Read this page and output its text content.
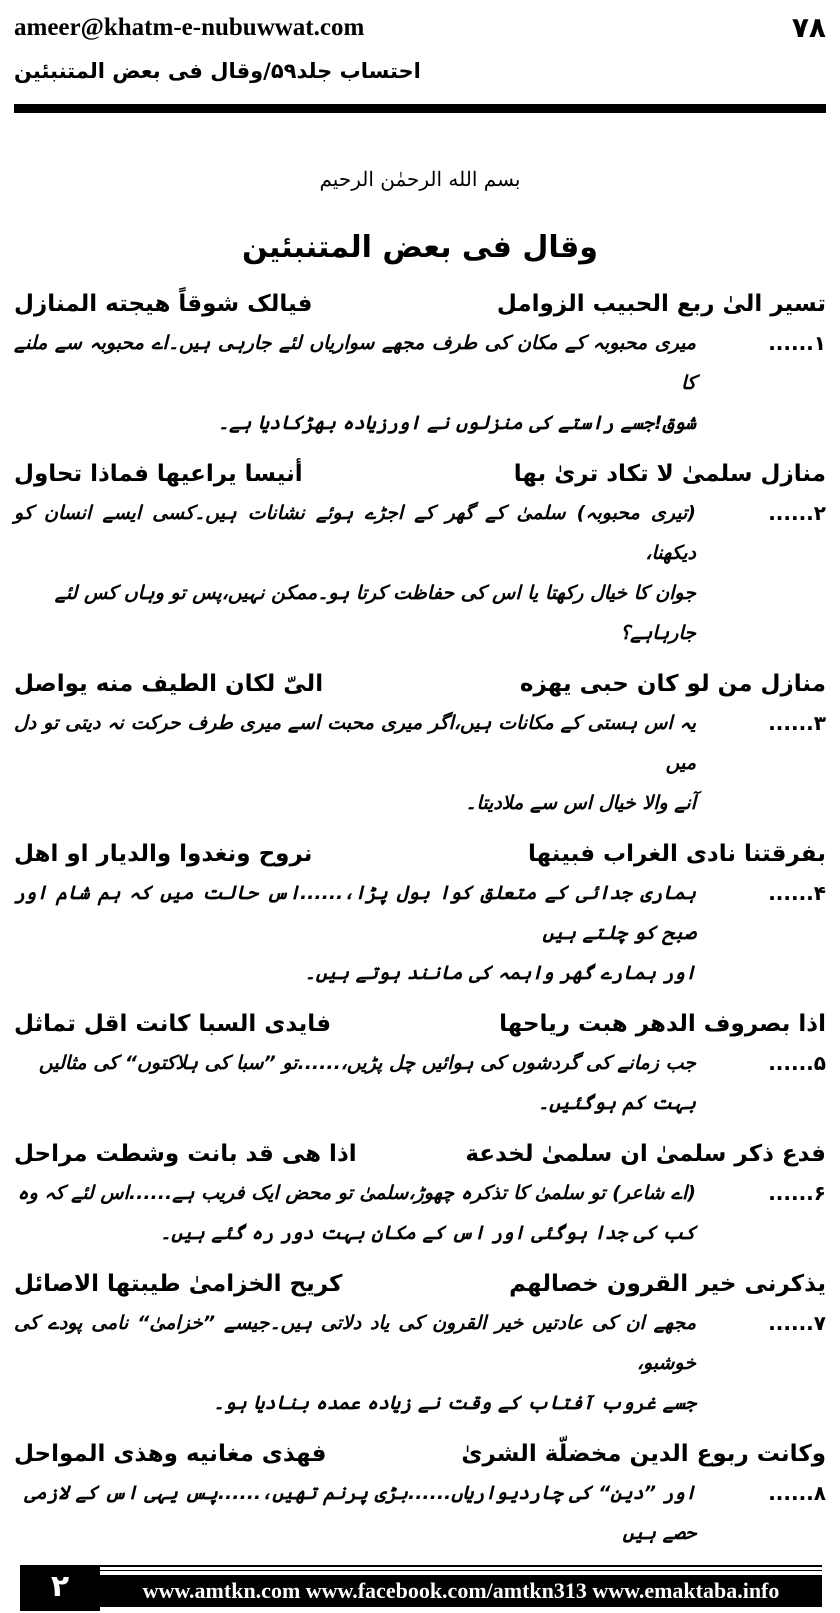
ameer@khatm-e-nubuwwat.com	۷۸
احتساب جلد۵۹/وقال فی بعض المتنبئین
بسم الله الرحمٰن الرحیم
وقال فی بعض المتنبئین
تسیر الیٰ ربع الحبیب الزوامل
فیالک شوقاً هیجته المنازل
۱......
میری محبوبہ کے مکان کی طرف مجھے سواریاں لئے جارہی ہیں۔اے محبوبہ سے ملنے کا
شوق!جسے راستے کی منزلوں نے اورزیادہ بھڑکادیا ہے۔
منازل سلمیٰ لا تکاد تریٰ بها
أنیسا یراعیها فماذا تحاول
۲......
(تیری محبوبہ) سلمیٰ کے گھر کے اجڑے ہوئے نشانات ہیں۔کسی ایسے انسان کو دیکھنا،
جوان کا خیال رکھتا یا اس کی حفاظت کرتا ہو۔ممکن نہیں،پس تو وہاں کس لئے جارہاہے؟
منازل من لو کان حبی یهزه
الیّ لکان الطیف منه یواصل
۳......
یہ اس ہستی کے مکانات ہیں،اگر میری محبت اسے میری طرف حرکت نہ دیتی تو دل میں
آنے والا خیال اس سے ملادیتا۔
بفرقتنا نادی الغراب فبینها
نروح ونغدوا والدیار او اهل
۴......
ہماری جدائی کے متعلق کوا بول پڑا،......اس حالت میں کہ ہم شام اور صبح کو چلتے ہیں
اور ہمارے گھر واہمہ کی مانند ہوتے ہیں۔
اذا بصروف الدهر هبت ریاحها
فایدی السبا کانت اقل تماثل
۵......
جب زمانے کی گردشوں کی ہوائیں چل پڑیں،......تو ”سبا کی ہلاکتوں“ کی مثالیں
بہت کم ہوگئیں۔
فدع ذکر سلمیٰ ان سلمیٰ لخدعة
اذا هی قد بانت وشطت مراحل
۶......
(اے شاعر) تو سلمیٰ کا تذکرہ چھوڑ،سلمیٰ تو محض ایک فریب ہے......اس لئے کہ وہ
کب کی جدا ہوگئی اور اس کے مکان بہت دور رہ گئے ہیں۔
یذکرنی خیر القرون خصالهم
کریح الخزامیٰ طیبتها الاصائل
۷......
مجھے ان کی عادتیں خیر القرون کی یاد دلاتی ہیں۔جیسے ”خزامیٰ“ نامی پودے کی خوشبو،
جسے غروب آفتاب کے وقت نے زیادہ عمدہ بنادیا ہو۔
وکانت ربوع الدین مخضلّة الشریٰ
فهذی مغانیه وهذی المواحل
۸......
اور ”دین“ کی چاردیواریاں......بڑی پرنم تھیں،......پس یہی اس کے لازمی حصے ہیں
۲	www.amtkn.com www.facebook.com/amtkn313 www.emaktaba.info
